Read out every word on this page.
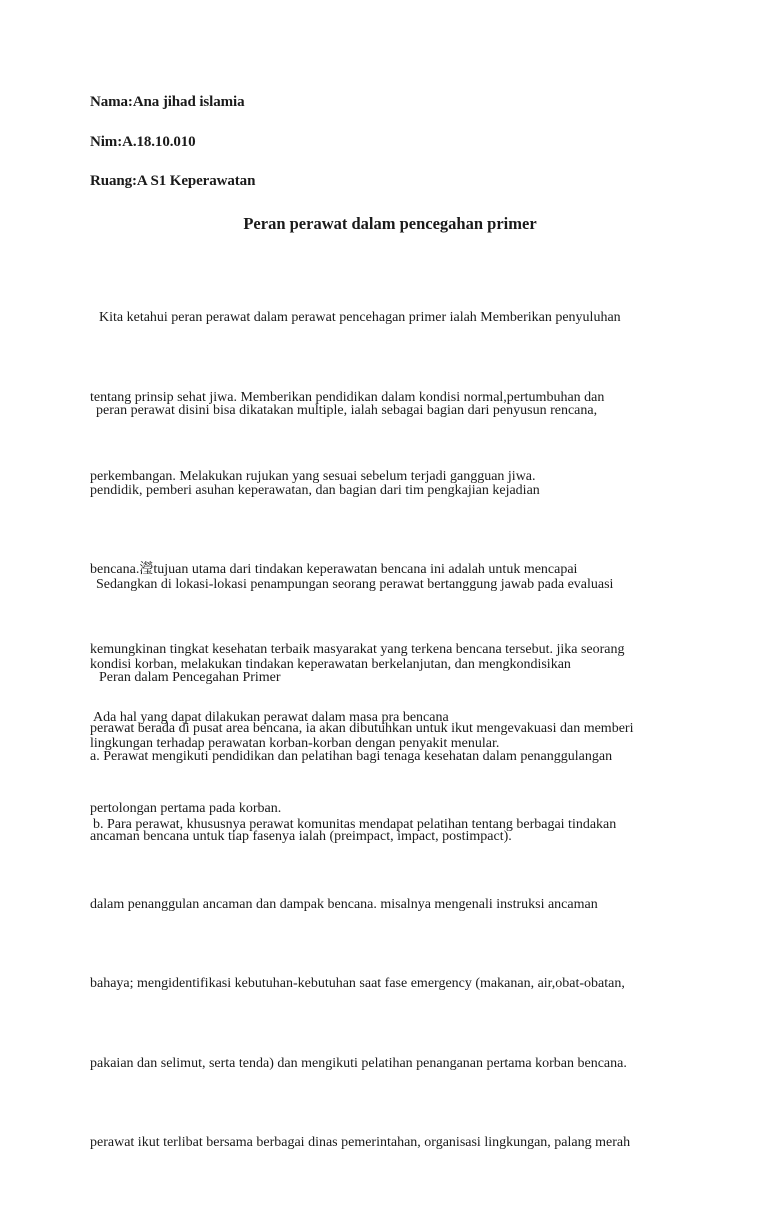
Nama:Ana jihad islamia
Nim:A.18.10.010
Ruang:A S1 Keperawatan
Peran perawat dalam pencegahan primer

Kita ketahui peran perawat dalam perawat pencehagan primer ialah Memberikan penyuluhan

tentang prinsip sehat jiwa. Memberikan pendidikan dalam kondisi normal,pertumbuhan dan

perkembangan. Melakukan rujukan yang sesuai sebelum terjadi gangguan jiwa.

peran perawat disini bisa dikatakan multiple, ialah sebagai bagian dari penyusun rencana,

pendidik, pemberi asuhan keperawatan, dan bagian dari tim pengkajian kejadian

bencana.瀅tujuan utama dari tindakan keperawatan bencana ini adalah untuk mencapai

kemungkinan tingkat kesehatan terbaik masyarakat yang terkena bencana tersebut. jika seorang

perawat berada di pusat area bencana, ia akan dibutuhkan untuk ikut mengevakuasi dan memberi

pertolongan pertama pada korban.

Sedangkan di lokasi-lokasi penampungan seorang perawat bertanggung jawab pada evaluasi

kondisi korban, melakukan tindakan keperawatan berkelanjutan, dan mengkondisikan

lingkungan terhadap perawatan korban-korban dengan penyakit menular.

Peran dalam Pencegahan Primer

Ada hal yang dapat dilakukan perawat dalam masa pra bencana

a. Perawat mengikuti pendidikan dan pelatihan bagi tenaga kesehatan dalam penanggulangan

ancaman bencana untuk tiap fasenya ialah (preimpact, impact, postimpact).

b. Para perawat, khususnya perawat komunitas mendapat pelatihan tentang berbagai tindakan

dalam penanggulan ancaman dan dampak bencana. misalnya mengenali instruksi ancaman

bahaya; mengidentifikasi kebutuhan-kebutuhan saat fase emergency (makanan, air,obat-obatan,

pakaian dan selimut, serta tenda) dan mengikuti pelatihan penanganan pertama korban bencana.

perawat ikut terlibat bersama berbagai dinas pemerintahan, organisasi lingkungan, palang merah
